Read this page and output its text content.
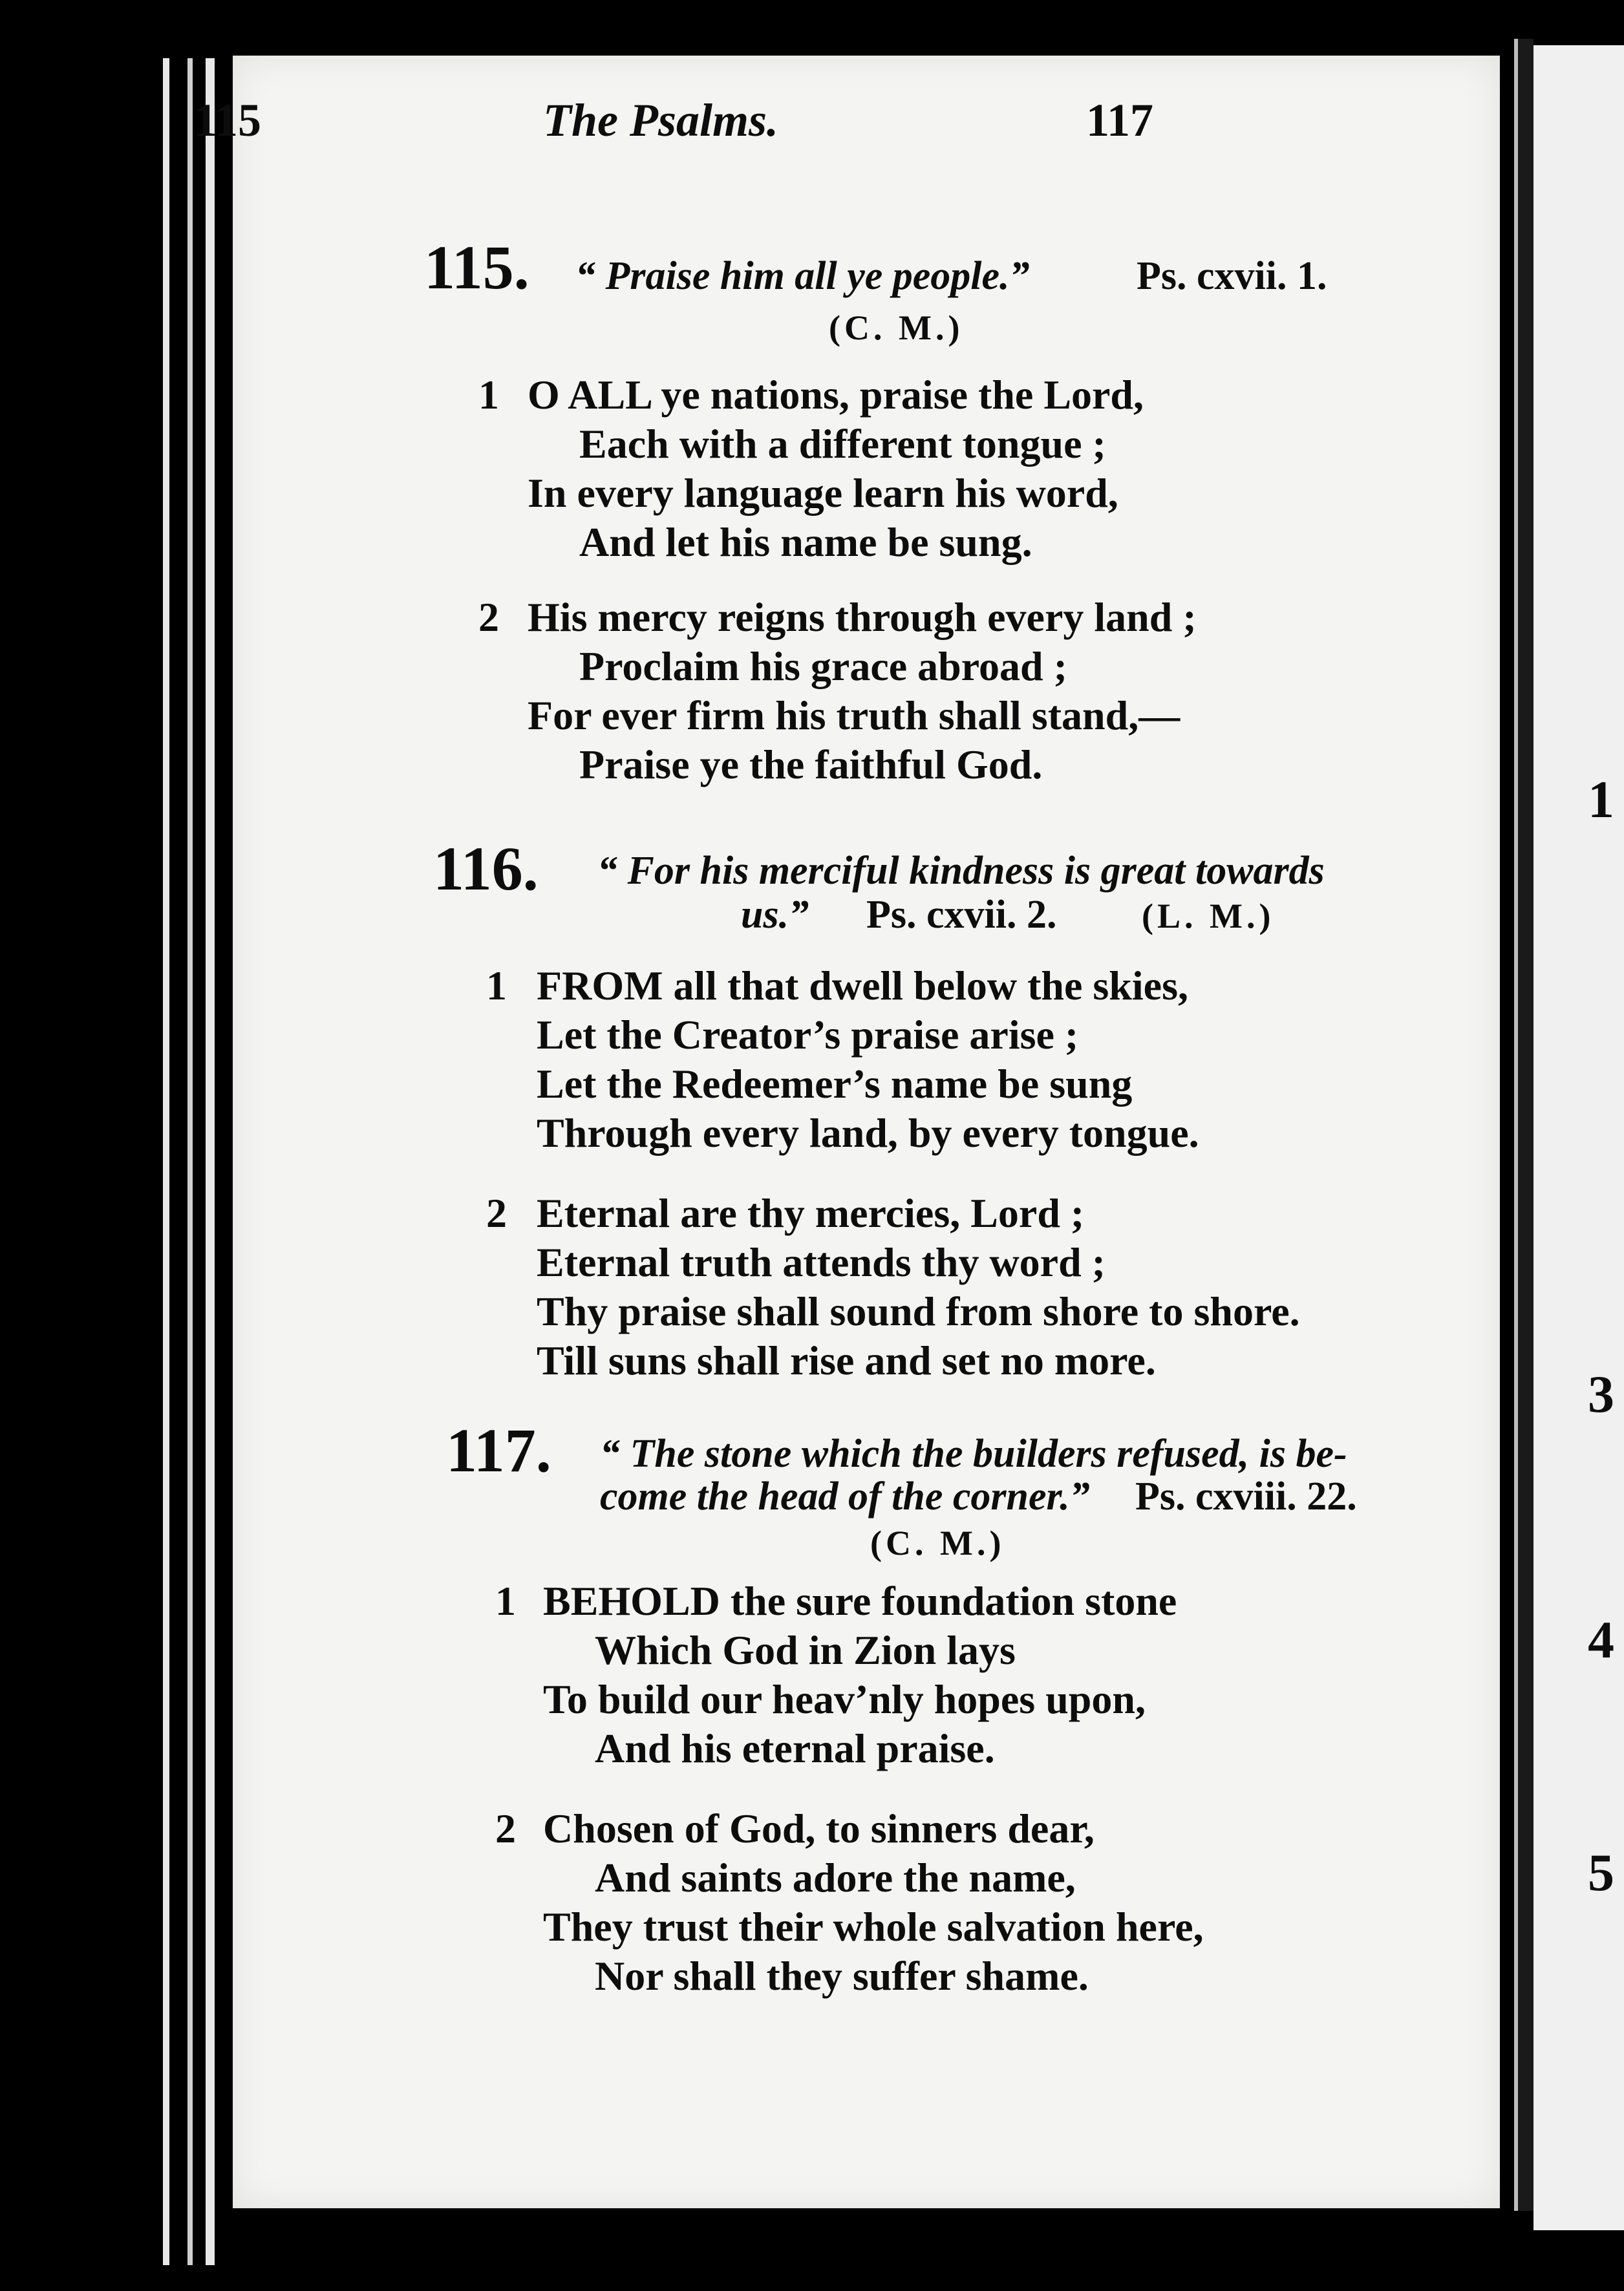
1
3
4
5
115	The Psalms.	117
115. “ Praise him all ye people.”	Ps. cxvii. 1.
(C. M.)
1 O ALL ye nations, praise the Lord,
Each with a different tongue ;
In every language learn his word,
And let his name be sung.
2 His mercy reigns through every land ;
Proclaim his grace abroad ;
For ever firm his truth shall stand,—
Praise ye the faithful God.
116. “ For his merciful kindness is great towards
us.” Ps. cxvii. 2. (L. M.)
1 FROM all that dwell below the skies,
Let the Creator’s praise arise ;
Let the Redeemer’s name be sung
Through every land, by every tongue.
2 Eternal are thy mercies, Lord ;
Eternal truth attends thy word ;
Thy praise shall sound from shore to shore.
Till suns shall rise and set no more.
117. “ The stone which the builders refused, is be-
come the head of the corner.” Ps. cxviii. 22.
(C. M.)
1 BEHOLD the sure foundation stone
Which God in Zion lays
To build our heav’nly hopes upon,
And his eternal praise.
2 Chosen of God, to sinners dear,
And saints adore the name,
They trust their whole salvation here,
Nor shall they suffer shame.
